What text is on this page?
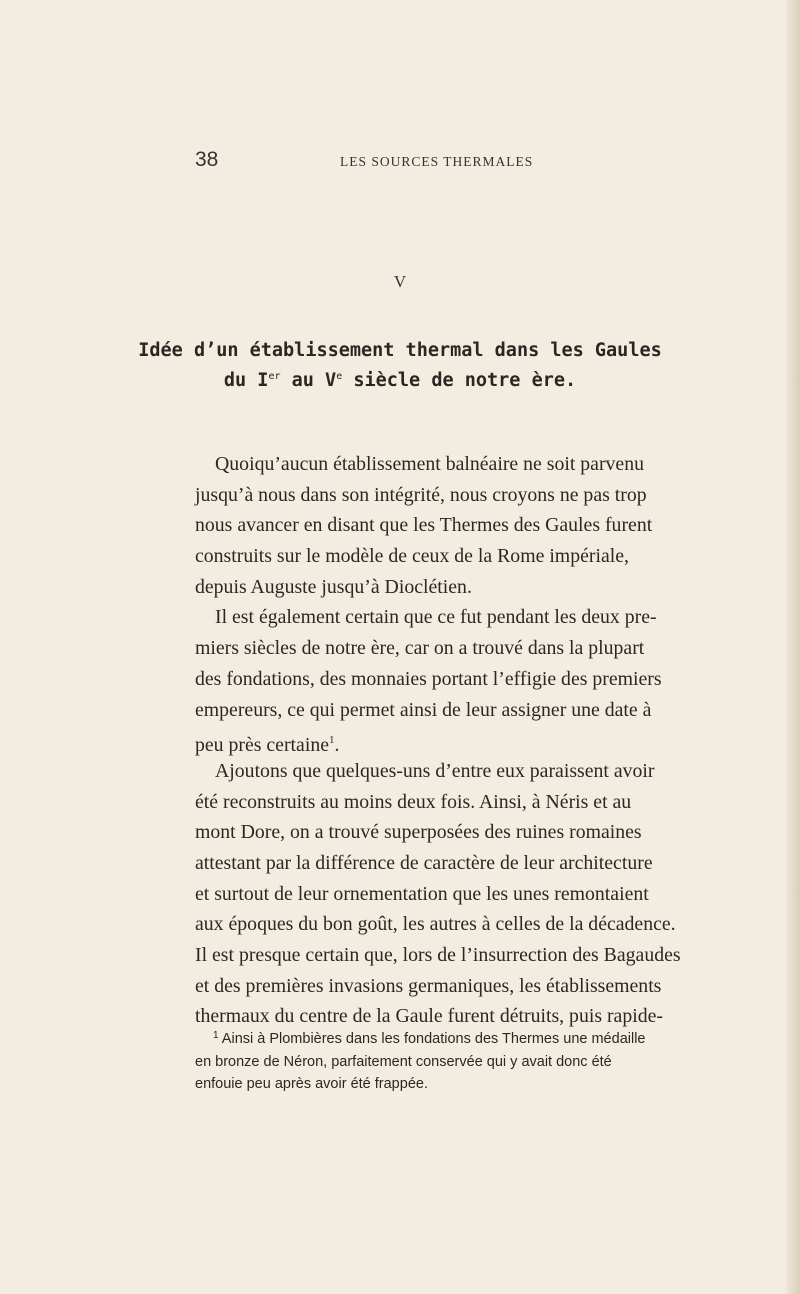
38	LES SOURCES THERMALES
V
Idée d’un établissement thermal dans les Gaules
du Ier au Ve siècle de notre ère.
Quoiqu’aucun établissement balnéaire ne soit parvenu
jusqu’à nous dans son intégrité, nous croyons ne pas trop
nous avancer en disant que les Thermes des Gaules furent
construits sur le modèle de ceux de la Rome impériale,
depuis Auguste jusqu’à Dioclétien.
Il est également certain que ce fut pendant les deux pre-
miers siècles de notre ère, car on a trouvé dans la plupart
des fondations, des monnaies portant l’effigie des premiers
empereurs, ce qui permet ainsi de leur assigner une date à
peu près certaine$^1$.
Ajoutons que quelques-uns d’entre eux paraissent avoir
été reconstruits au moins deux fois. Ainsi, à Néris et au
mont Dore, on a trouvé superposées des ruines romaines
attestant par la différence de caractère de leur architecture
et surtout de leur ornementation que les unes remontaient
aux époques du bon goût, les autres à celles de la décadence.
Il est presque certain que, lors de l’insurrection des Bagaudes
et des premières invasions germaniques, les établissements
thermaux du centre de la Gaule furent détruits, puis rapide-
$^1$ Ainsi à Plombières dans les fondations des Thermes une médaille
en bronze de Néron, parfaitement conservée qui y avait donc été
enfouie peu après avoir été frappée.
